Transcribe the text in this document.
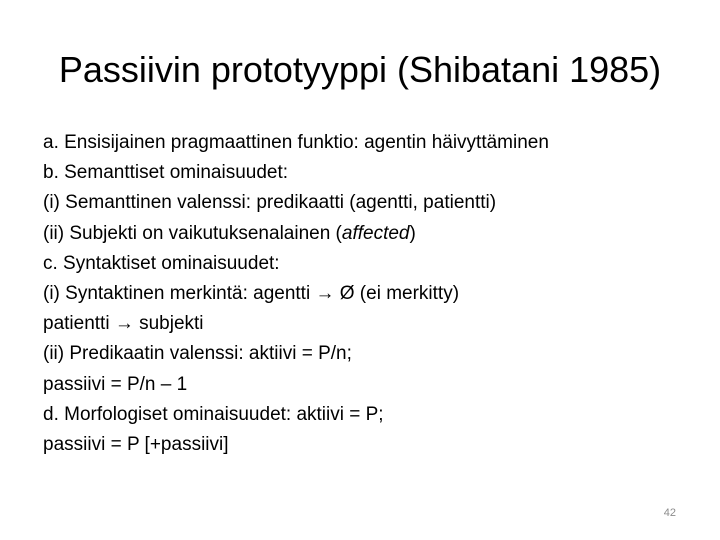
Passiivin prototyyppi (Shibatani 1985)
a. Ensisijainen pragmaattinen funktio: agentin häivyttäminen
b. Semanttiset ominaisuudet:
(i) Semanttinen valenssi: predikaatti (agentti, patientti)
(ii) Subjekti on vaikutuksenalainen (affected)
c. Syntaktiset ominaisuudet:
(i) Syntaktinen merkintä: agentti → Ø (ei merkitty)
patientti → subjekti
(ii) Predikaatin valenssi: aktiivi = P/n;
passiivi = P/n – 1
d. Morfologiset ominaisuudet: aktiivi = P;
passiivi = P [+passiivi]
42
